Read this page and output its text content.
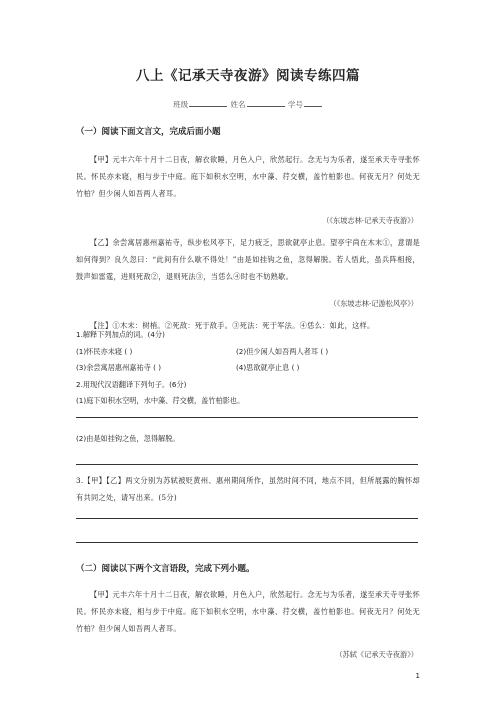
八上《记承天寺夜游》阅读专练四篇
班级	姓名	学号
（一）阅读下面文言文，完成后面小题
【甲】元丰六年十月十二日夜，解衣欲睡，月色入户，欣然起行。念无与为乐者，遂至承天寺寻张怀民。怀民亦未寝，相与步于中庭。庭下如积水空明，水中藻、荇交横，盖竹柏影也。何夜无月？何处无竹柏？但少闲人如吾两人者耳。
（《东坡志林·记承天寺夜游》）
【乙】余尝寓居惠州嘉祐寺，纵步松风亭下，足力疲乏，思欲就亭止息。望亭宇尚在木末①，意谓是如何得到？良久忽曰：“此间有什么歇不得处！”由是如挂钩之鱼，忽得解脱。若人悟此，虽兵阵相接，鼓声如雷霆，进则死敌②，退则死法③，当恁么④时也不妨熟歇。
（《东坡志林·记游松风亭》）
【注】①木末：树梢。②死敌：死于敌手。③死法：死于军法。④恁么：如此，这样。
1.解释下列加点的词。(4分)
(1)怀民亦未寝 ( )	(2)但少闲人如吾两人者耳 ( )
(3)余尝寓居惠州嘉祐寺 ( )	(4)思欲就亭止息 ( )
2.用现代汉语翻译下列句子。(6分)
(1)庭下如积水空明，水中藻、荇交横，盖竹柏影也。
(2)由是如挂钩之鱼，忽得解脱。
3.【甲】【乙】两文分别为苏轼被贬黄州、惠州期间所作，虽然时间不同，地点不同，但所展露的胸怀却有共同之处，请写出来。(5分)
（二）阅读以下两个文言语段，完成下列小题。
【甲】元丰六年十月十二日夜，解衣欲睡，月色入户，欣然起行。念无与为乐者，遂至承天寺寻张怀民。怀民亦未寝，相与步于中庭。庭下如积水空明，水中藻、荇交横，盖竹柏影也。何夜无月？何处无竹柏？但少闲人如吾两人者耳。
（苏轼《记承天寺夜游》）
1
